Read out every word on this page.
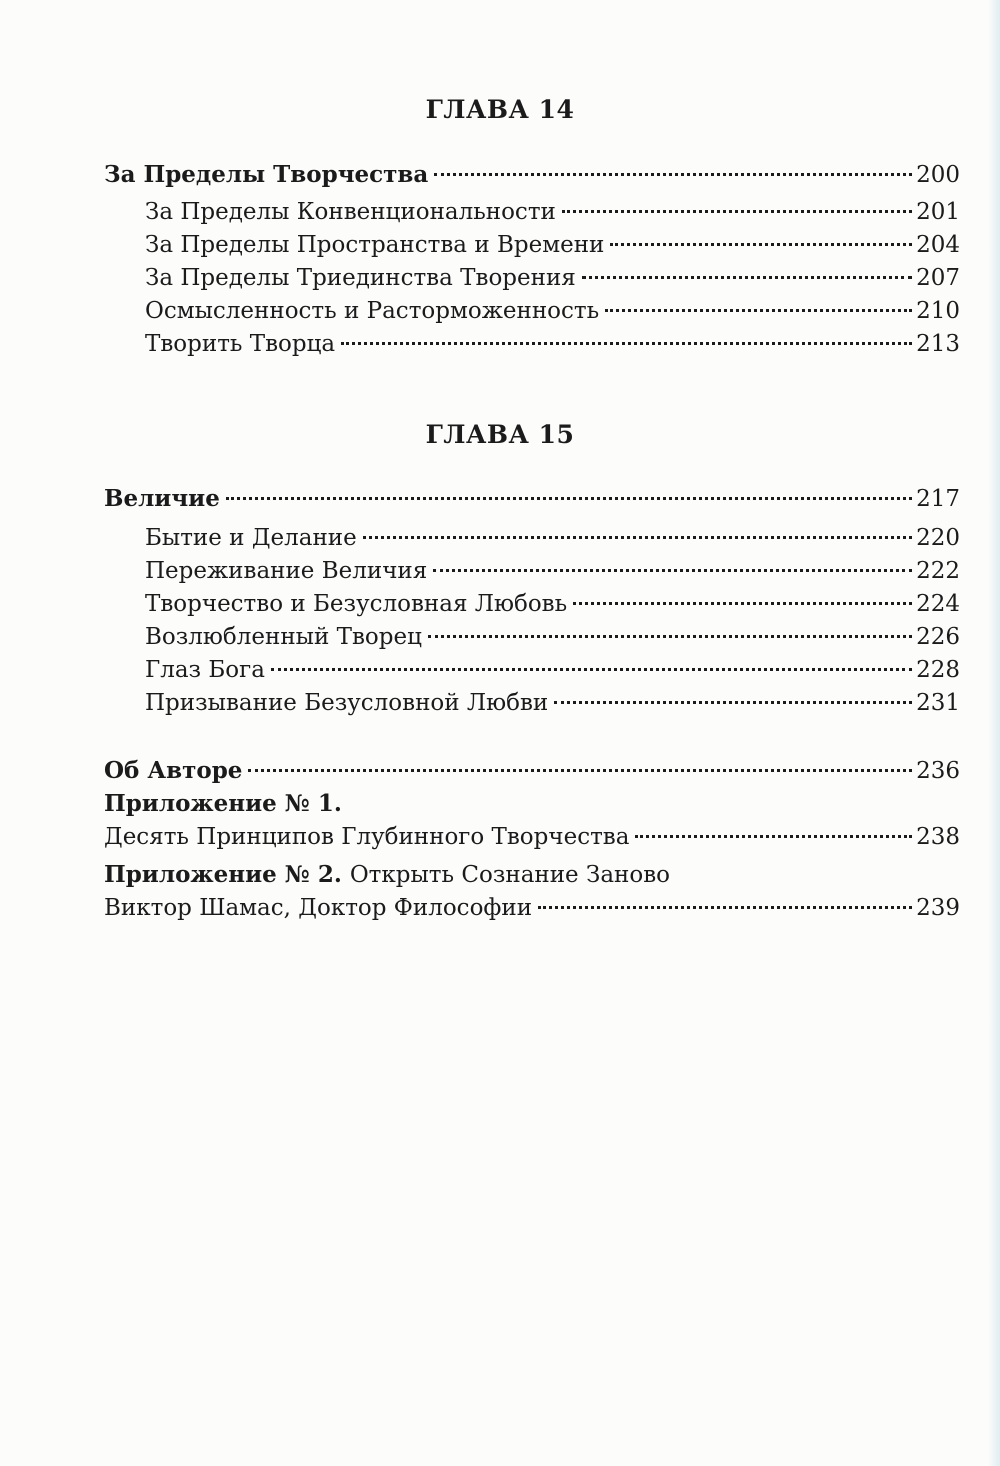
ГЛАВА 14
За Пределы Творчества	200
За Пределы Конвенциональности	201
За Пределы Пространства и Времени	204
За Пределы Триединства Творения	207
Осмысленность и Расторможенность	210
Творить Творца	213
ГЛАВА 15
Величие	217
Бытие и Делание	220
Переживание Величия	222
Творчество и Безусловная Любовь	224
Возлюбленный Творец	226
Глаз Бога	228
Призывание Безусловной Любви	231
Об Авторе	236
Приложение № 1.
Десять Принципов Глубинного Творчества	238
Приложение № 2. Открыть Сознание Заново
Виктор Шамас, Доктор Философии	239
